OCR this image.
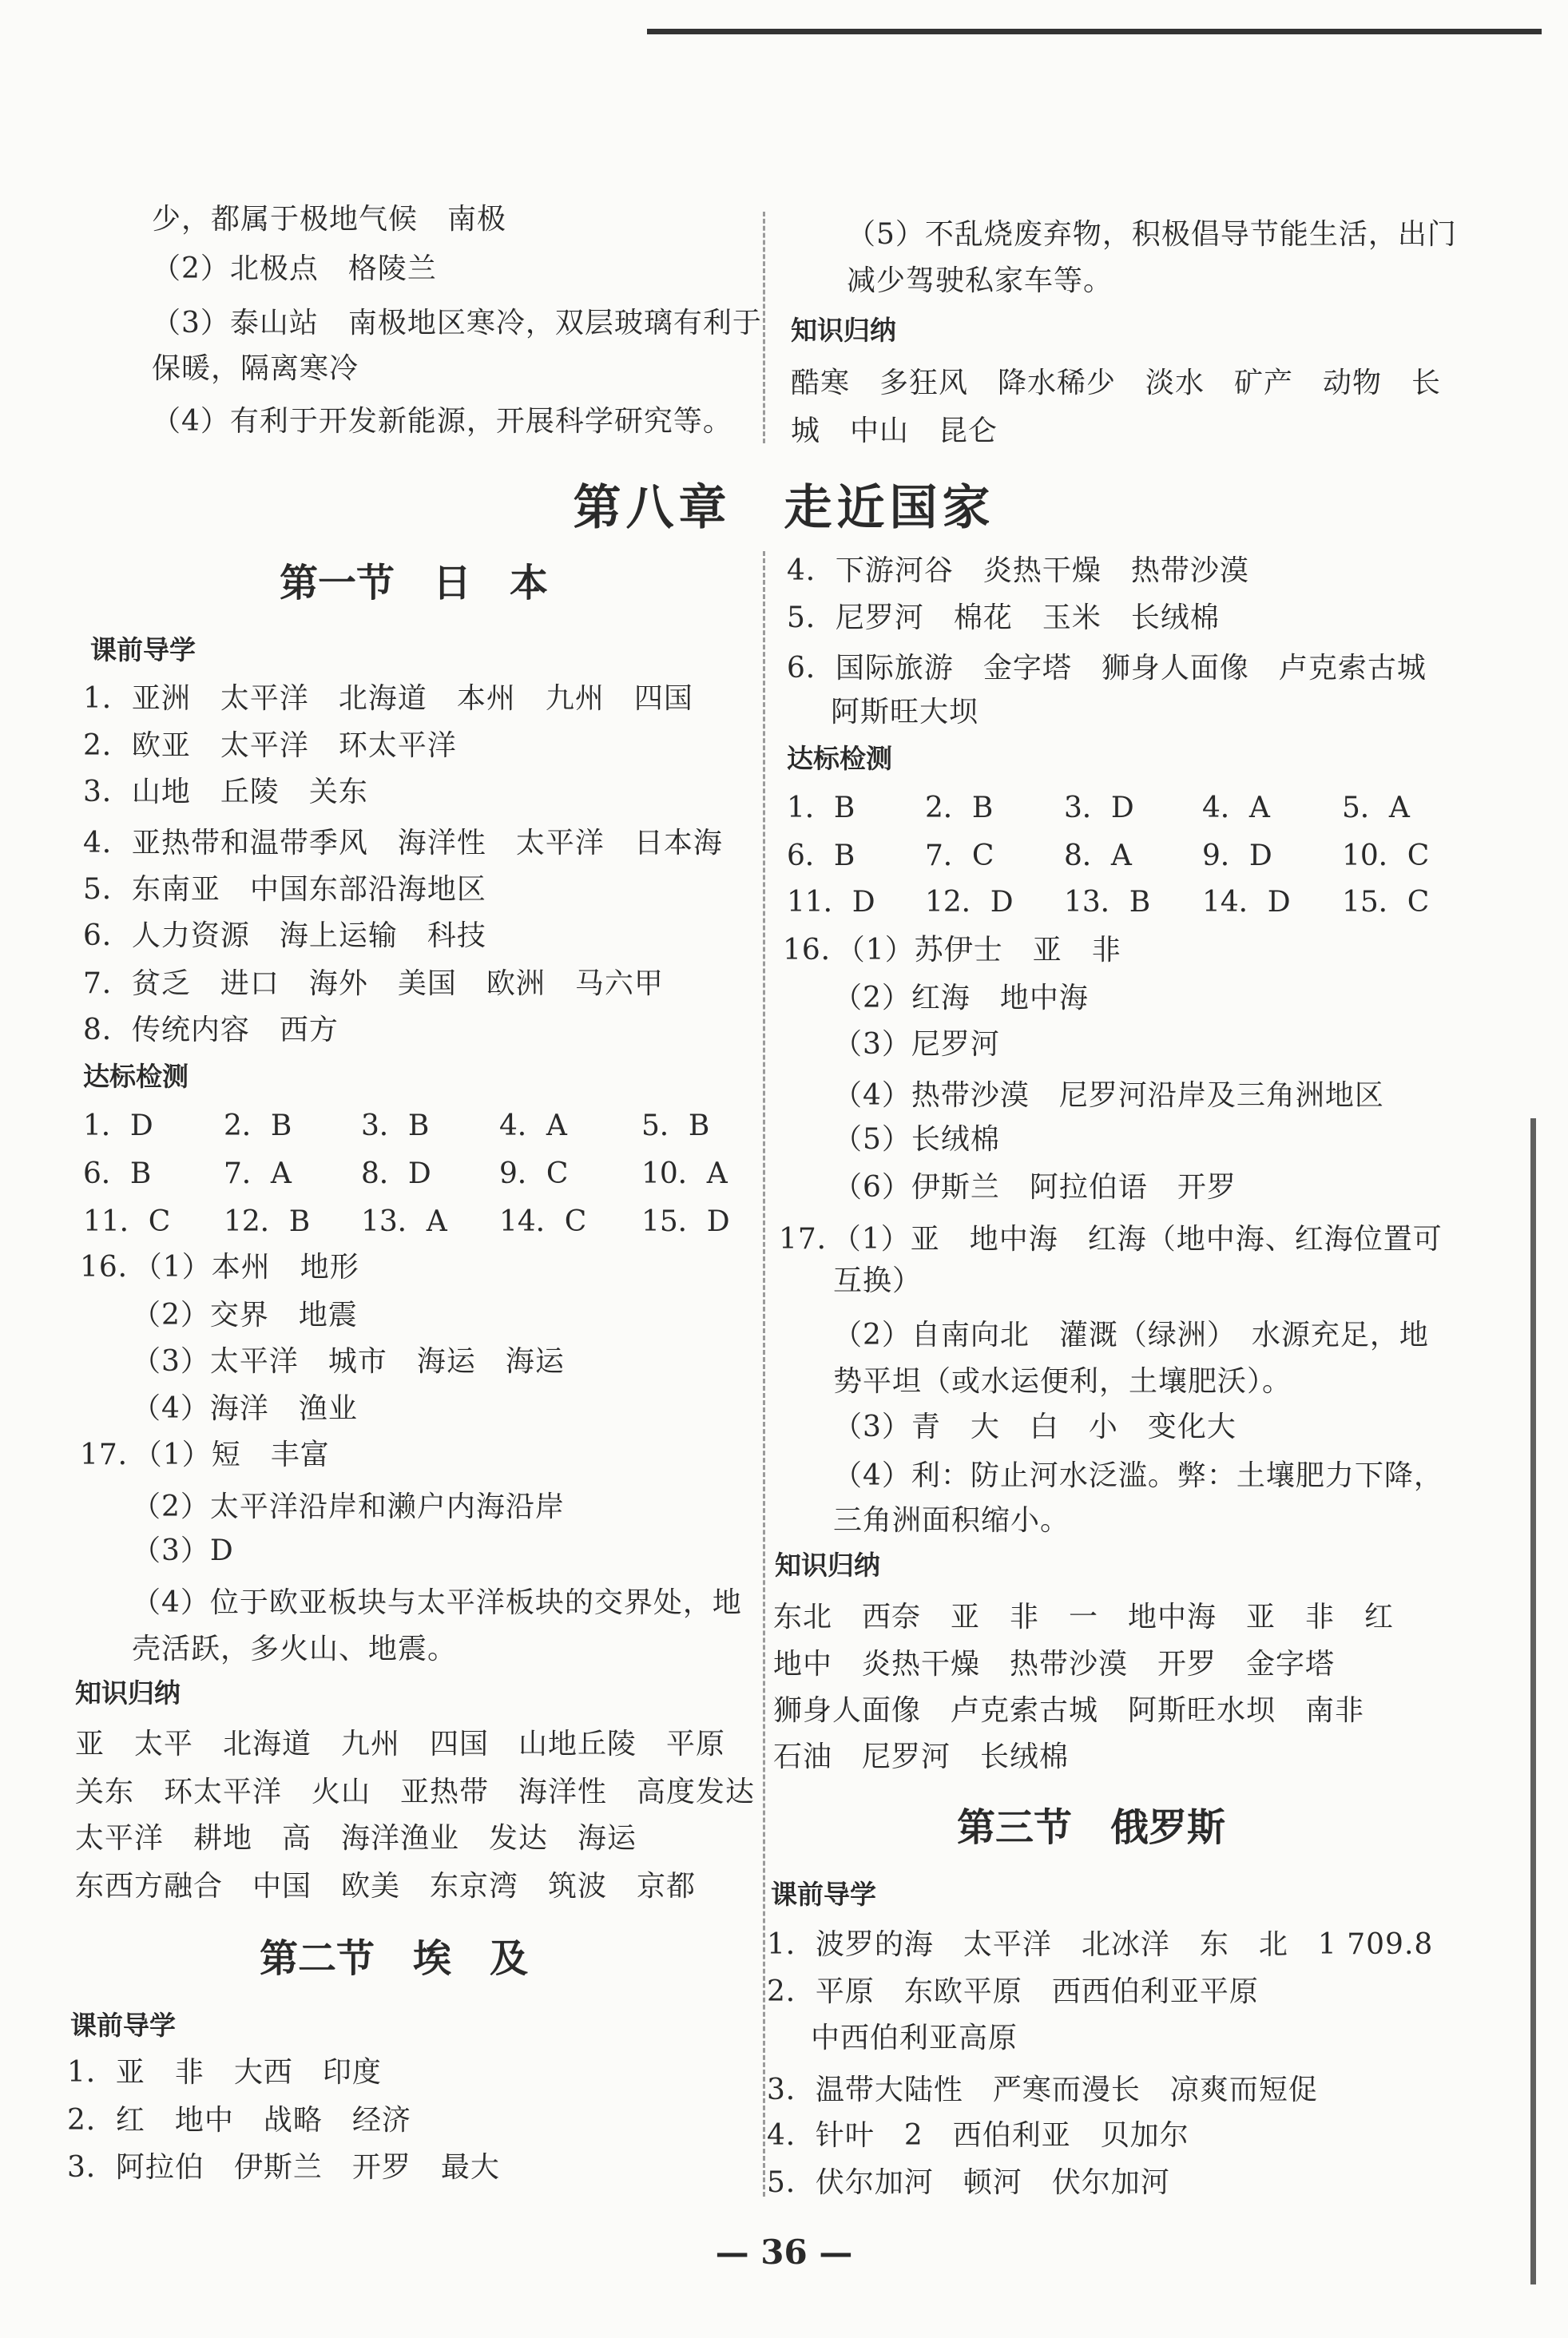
少，都属于极地气候　南极
（2）北极点　格陵兰
（3）泰山站　南极地区寒冷，双层玻璃有利于
保暖，隔离寒冷
（4）有利于开发新能源，开展科学研究等。
（5）不乱烧废弃物，积极倡导节能生活，出门
减少驾驶私家车等。
知识归纳
酷寒　多狂风　降水稀少　淡水　矿产　动物　长
城　中山　昆仑
第八章　走近国家
第一节　日　本
课前导学
1．亚洲　太平洋　北海道　本州　九州　四国
2．欧亚　太平洋　环太平洋
3．山地　丘陵　关东
4．亚热带和温带季风　海洋性　太平洋　日本海
5．东南亚　中国东部沿海地区
6．人力资源　海上运输　科技
7．贫乏　进口　海外　美国　欧洲　马六甲
8．传统内容　西方
达标检测
1．D 2．B 3．B 4．A	5．B
6．B	7．A 8．D 9．C	10．A
11．C 12．B 13．A 14．C 15．D
16．（1）本州　地形
（2）交界　地震
（3）太平洋　城市　海运　海运
（4）海洋　渔业
17．（1）短　丰富
（2）太平洋沿岸和濑户内海沿岸
（3）D
（4）位于欧亚板块与太平洋板块的交界处，地
壳活跃，多火山、地震。
知识归纳
亚　太平　北海道　九州　四国　山地丘陵　平原
关东　环太平洋　火山　亚热带　海洋性　高度发达
太平洋　耕地　高　海洋渔业　发达　海运
东西方融合　中国　欧美　东京湾　筑波　京都
第二节　埃　及
课前导学
1．亚　非　大西　印度
2．红　地中　战略　经济
3．阿拉伯　伊斯兰　开罗　最大
4．下游河谷　炎热干燥　热带沙漠
5．尼罗河　棉花　玉米　长绒棉
6．国际旅游　金字塔　狮身人面像　卢克索古城
阿斯旺大坝
达标检测
1．B 2．B 3．D 4．A	5．A
6．B 7．C 8．A 9．D 10．C
11．D 12．D 13．B 14．D 15．C
16．（1）苏伊士　亚　非
（2）红海　地中海
（3）尼罗河
（4）热带沙漠　尼罗河沿岸及三角洲地区
（5）长绒棉
（6）伊斯兰　阿拉伯语　开罗
17．（1）亚　地中海　红海（地中海、红海位置可
互换）
（2）自南向北　灌溉（绿洲）　水源充足，地
势平坦（或水运便利，土壤肥沃）。
（3）青　大　白　小　变化大
（4）利：防止河水泛滥。弊：土壤肥力下降，
三角洲面积缩小。
知识归纳
东北　西奈　亚　非　一　地中海　亚　非　红
地中　炎热干燥　热带沙漠　开罗　金字塔
狮身人面像　卢克索古城　阿斯旺水坝　南非
石油　尼罗河　长绒棉
第三节　俄罗斯
课前导学
1．波罗的海　太平洋　北冰洋　东　北　1 709.8
2．平原　东欧平原　西西伯利亚平原
中西伯利亚高原
3．温带大陆性　严寒而漫长　凉爽而短促
4．针叶　2　西伯利亚　贝加尔
5．伏尔加河　顿河　伏尔加河
— 36 —
